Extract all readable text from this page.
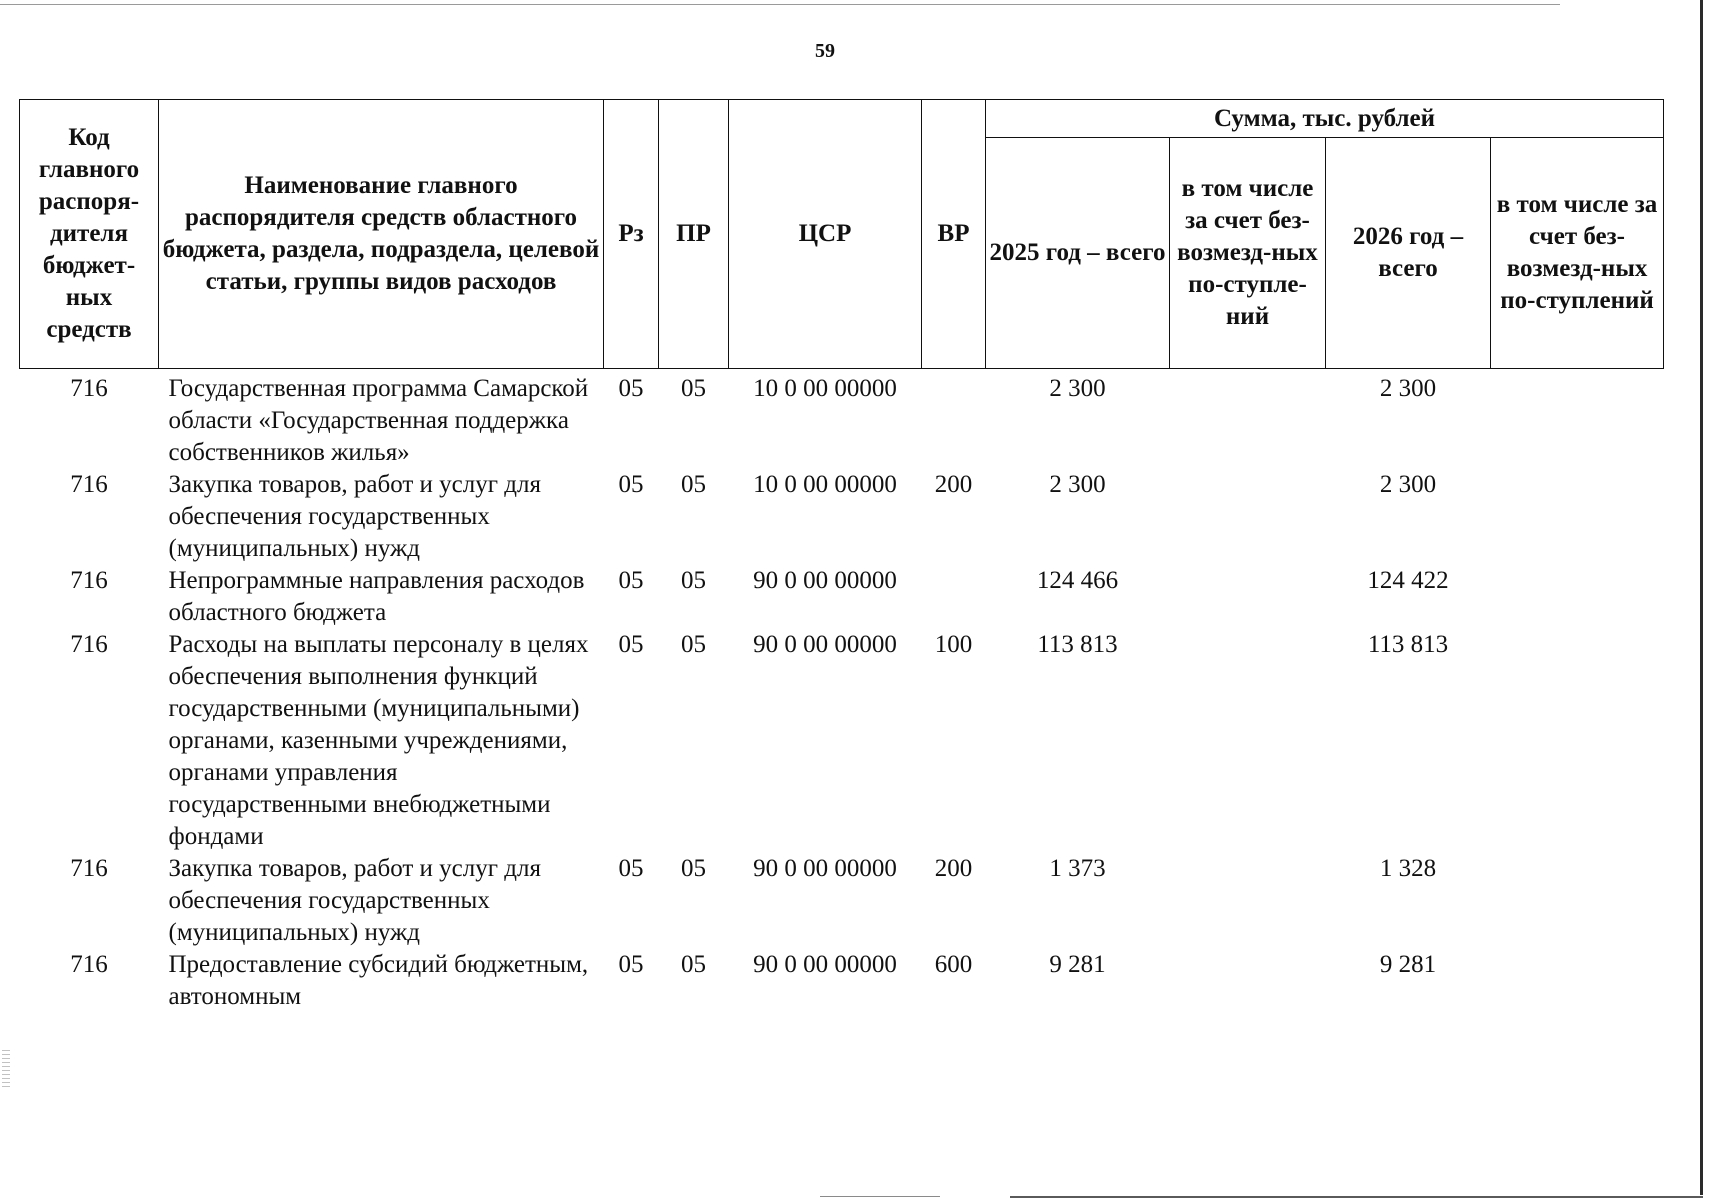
59
Код главного распоря-дителя бюджет-ных средств	Наименование главного распорядителя средств областного бюджета, раздела, подраздела, целевой статьи, группы видов расходов	Рз	ПР	ЦСР	ВР	Сумма, тыс. рублей			
						2025 год – всего	в том числе за счет без-возмезд-ных по-ступле-ний	2026 год – всего	в том числе за счет без-возмезд-ных по-ступлений
716	Государственная программа Самарской области «Государственная поддержка собственников жилья»	05	05	10 0 00 00000		2 300		2 300	
716	Закупка товаров, работ и услуг для обеспечения государственных (муниципальных) нужд	05	05	10 0 00 00000	200	2 300		2 300	
716	Непрограммные направления расходов областного бюджета	05	05	90 0 00 00000		124 466		124 422	
716	Расходы на выплаты персоналу в целях обеспечения выполнения функций государственными (муниципальными) органами, казенными учреждениями, органами управления государственными внебюджетными фондами	05	05	90 0 00 00000	100	113 813		113 813	
716	Закупка товаров, работ и услуг для обеспечения государственных (муниципальных) нужд	05	05	90 0 00 00000	200	1 373		1 328	
716	Предоставление субсидий бюджетным, автономным	05	05	90 0 00 00000	600	9 281		9 281	
